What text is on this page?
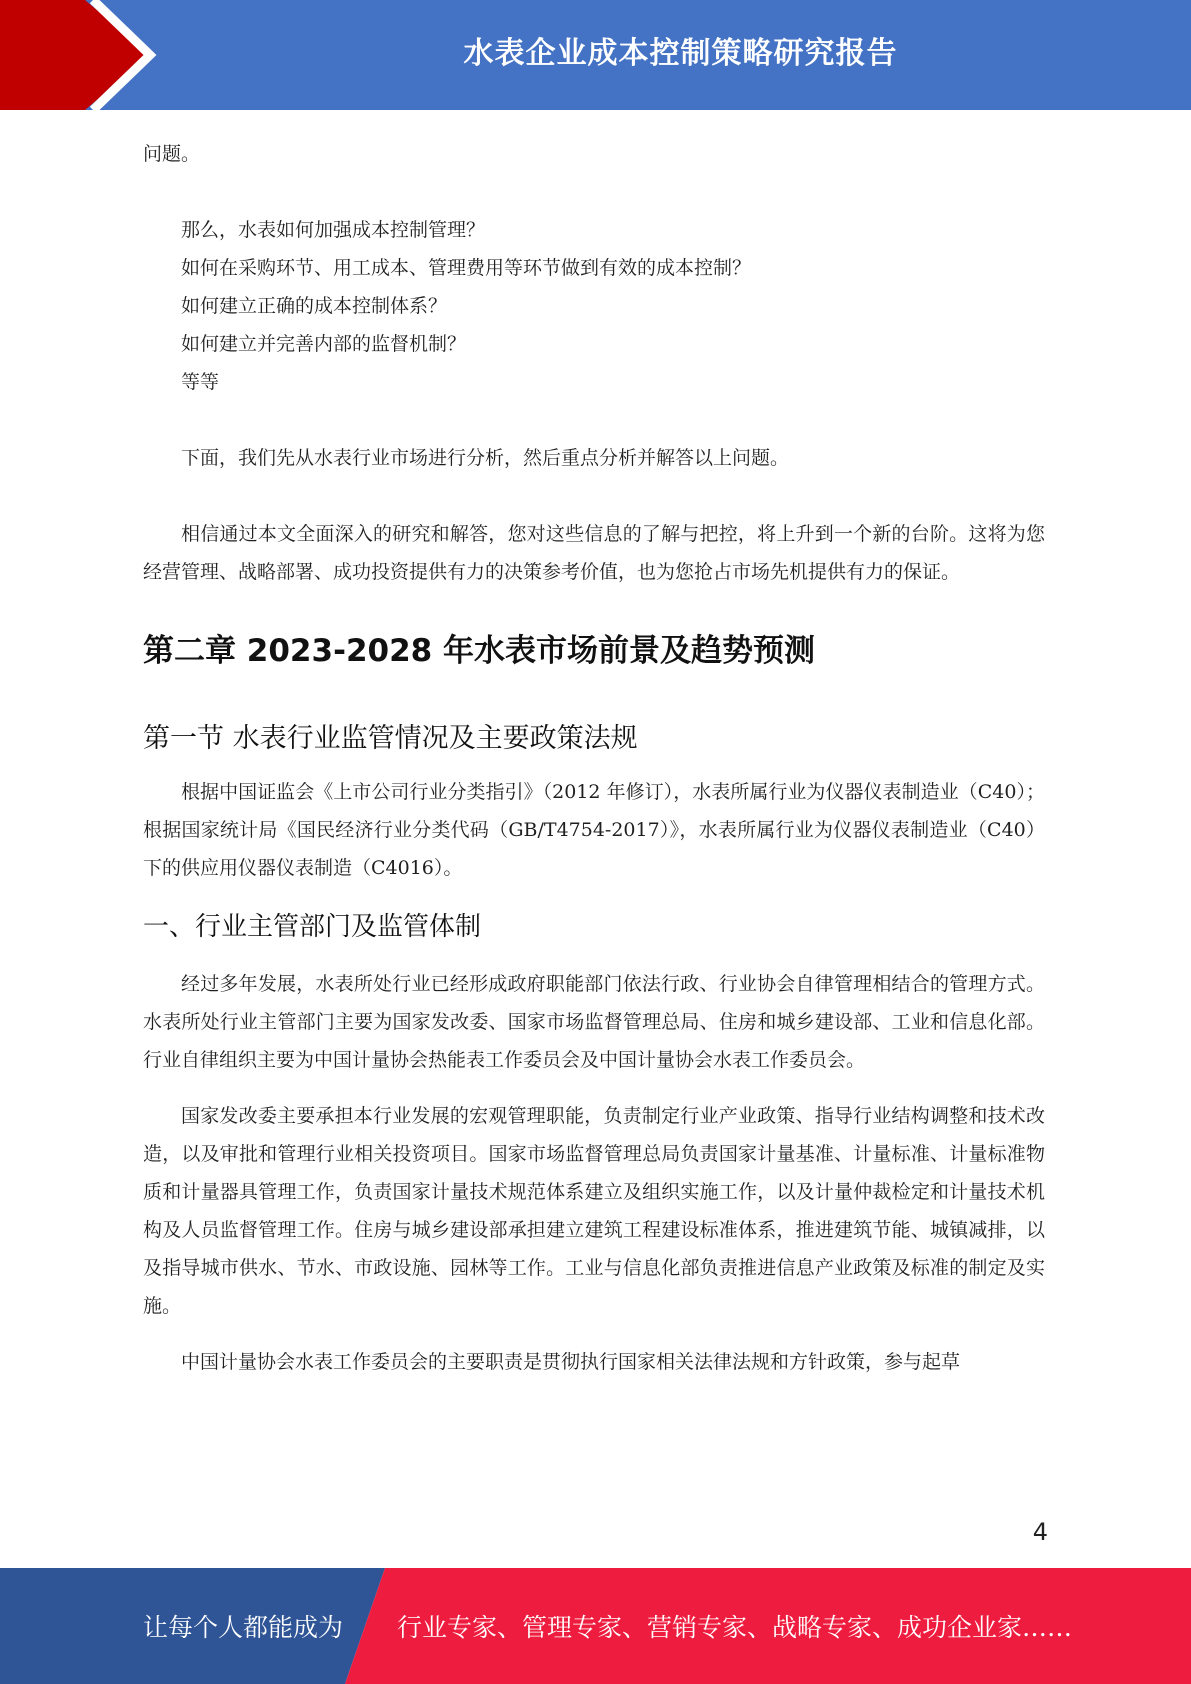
水表企业成本控制策略研究报告

问题。

那么，水表如何加强成本控制管理？

如何在采购环节、用工成本、管理费用等环节做到有效的成本控制？

如何建立正确的成本控制体系？

如何建立并完善内部的监督机制？

等等

下面，我们先从水表行业市场进行分析，然后重点分析并解答以上问题。

相信通过本文全面深入的研究和解答，您对这些信息的了解与把控，将上升到一个新的台阶。这将为您经营管理、战略部署、成功投资提供有力的决策参考价值，也为您抢占市场先机提供有力的保证。

第二章 2023-2028 年水表市场前景及趋势预测
第一节 水表行业监管情况及主要政策法规

根据中国证监会《上市公司行业分类指引》（2012 年修订），水表所属行业为仪器仪表制造业（C40）；根据国家统计局《国民经济行业分类代码（GB/T4754-2017）》，水表所属行业为仪器仪表制造业（C40）下的供应用仪器仪表制造（C4016）。

一、行业主管部门及监管体制

经过多年发展，水表所处行业已经形成政府职能部门依法行政、行业协会自律管理相结合的管理方式。水表所处行业主管部门主要为国家发改委、国家市场监督管理总局、住房和城乡建设部、工业和信息化部。行业自律组织主要为中国计量协会热能表工作委员会及中国计量协会水表工作委员会。

国家发改委主要承担本行业发展的宏观管理职能，负责制定行业产业政策、指导行业结构调整和技术改造，以及审批和管理行业相关投资项目。国家市场监督管理总局负责国家计量基准、计量标准、计量标准物质和计量器具管理工作，负责国家计量技术规范体系建立及组织实施工作，以及计量仲裁检定和计量技术机构及人员监督管理工作。住房与城乡建设部承担建立建筑工程建设标准体系，推进建筑节能、城镇减排，以及指导城市供水、节水、市政设施、园林等工作。工业与信息化部负责推进信息产业政策及标准的制定及实施。

中国计量协会水表工作委员会的主要职责是贯彻执行国家相关法律法规和方针政策，参与起草

4
让每个人都能成为 行业专家、管理专家、营销专家、战略专家、成功企业家……
